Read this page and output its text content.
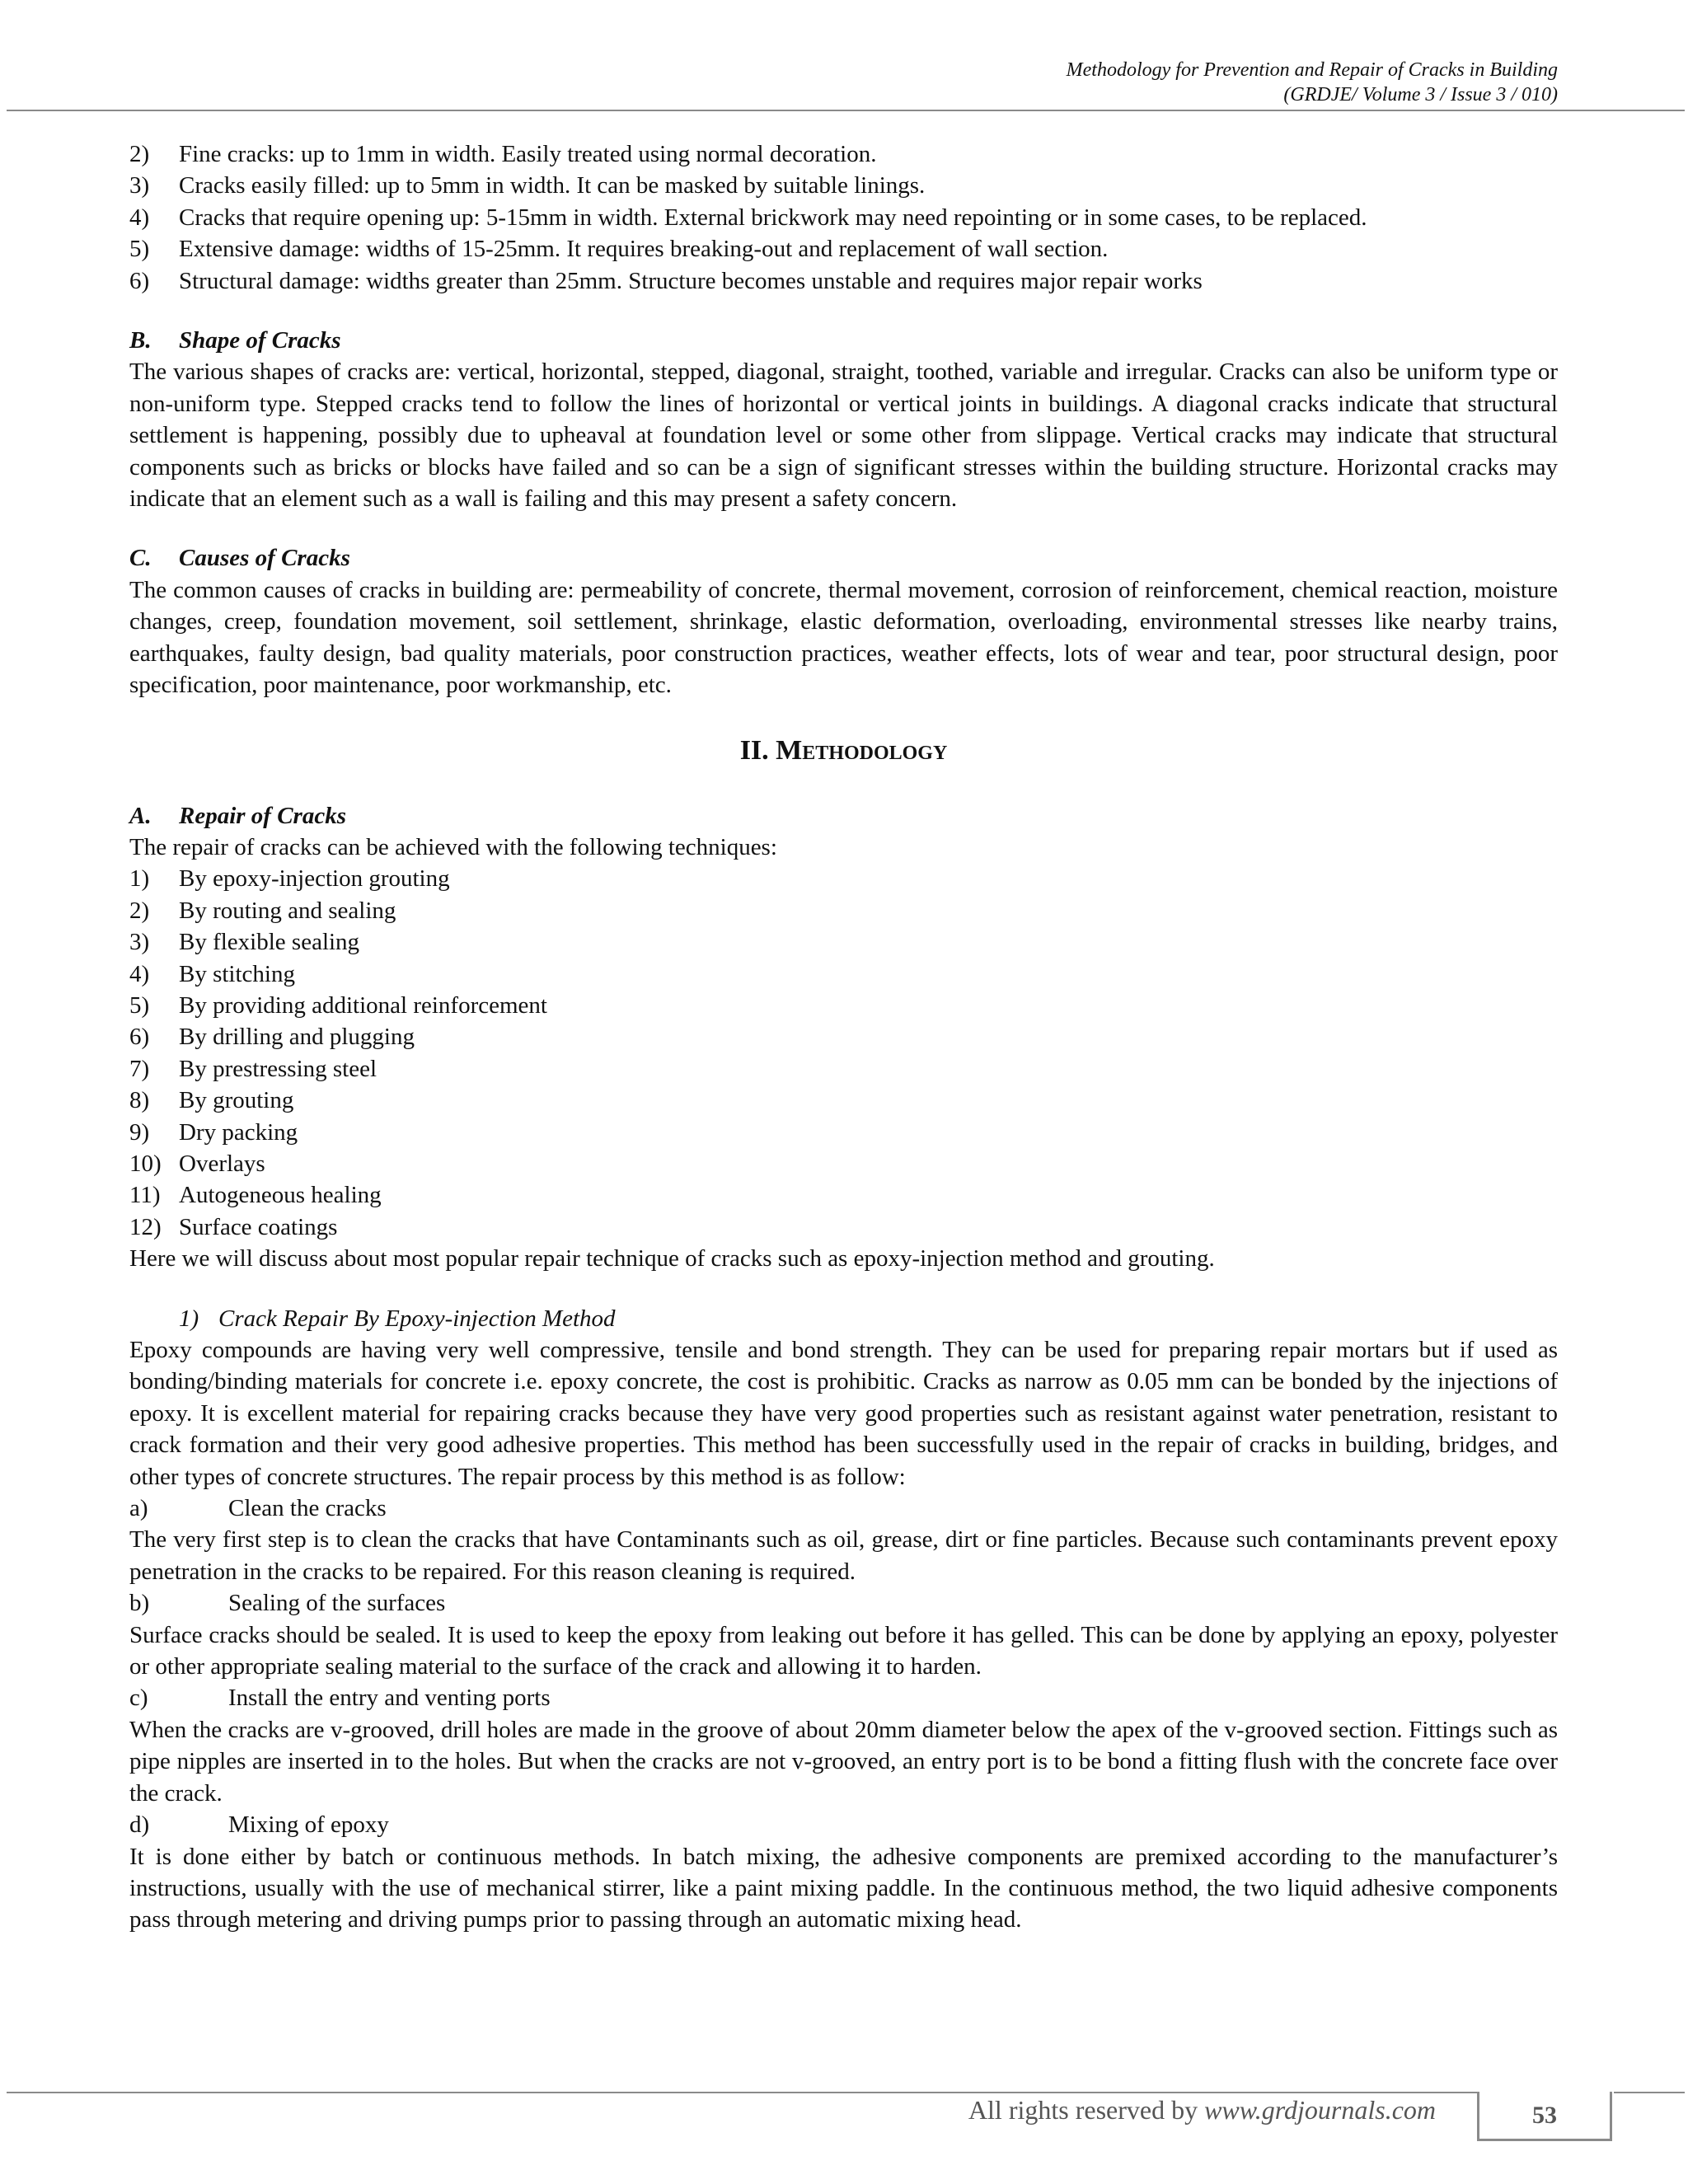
Methodology for Prevention and Repair of Cracks in Building
(GRDJE/ Volume 3 / Issue 3 / 010)
2)	Fine cracks: up to 1mm in width. Easily treated using normal decoration.
3)	Cracks easily filled: up to 5mm in width. It can be masked by suitable linings.
4)	Cracks that require opening up: 5-15mm in width. External brickwork may need repointing or in some cases, to be replaced.
5)	Extensive damage: widths of 15-25mm. It requires breaking-out and replacement of wall section.
6)	Structural damage: widths greater than 25mm. Structure becomes unstable and requires major repair works
B. Shape of Cracks

The various shapes of cracks are: vertical, horizontal, stepped, diagonal, straight, toothed, variable and irregular. Cracks can also be uniform type or non-uniform type. Stepped cracks tend to follow the lines of horizontal or vertical joints in buildings. A diagonal cracks indicate that structural settlement is happening, possibly due to upheaval at foundation level or some other from slippage. Vertical cracks may indicate that structural components such as bricks or blocks have failed and so can be a sign of significant stresses within the building structure. Horizontal cracks may indicate that an element such as a wall is failing and this may present a safety concern.

C. Causes of Cracks

The common causes of cracks in building are: permeability of concrete, thermal movement, corrosion of reinforcement, chemical reaction, moisture changes, creep, foundation movement, soil settlement, shrinkage, elastic deformation, overloading, environmental stresses like nearby trains, earthquakes, faulty design, bad quality materials, poor construction practices, weather effects, lots of wear and tear, poor structural design, poor specification, poor maintenance, poor workmanship, etc.

II. Methodology
A. Repair of Cracks

The repair of cracks can be achieved with the following techniques:

1)	By epoxy-injection grouting
2)	By routing and sealing
3)	By flexible sealing
4)	By stitching
5)	By providing additional reinforcement
6)	By drilling and plugging
7)	By prestressing steel
8)	By grouting
9)	Dry packing
10) Overlays
11) Autogeneous healing
12) Surface coatings

Here we will discuss about most popular repair technique of cracks such as epoxy-injection method and grouting.

1) Crack Repair By Epoxy-injection Method

Epoxy compounds are having very well compressive, tensile and bond strength. They can be used for preparing repair mortars but if used as bonding/binding materials for concrete i.e. epoxy concrete, the cost is prohibitic. Cracks as narrow as 0.05 mm can be bonded by the injections of epoxy. It is excellent material for repairing cracks because they have very good properties such as resistant against water penetration, resistant to crack formation and their very good adhesive properties. This method has been successfully used in the repair of cracks in building, bridges, and other types of concrete structures. The repair process by this method is as follow:

a)	Clean the cracks

The very first step is to clean the cracks that have Contaminants such as oil, grease, dirt or fine particles. Because such contaminants prevent epoxy penetration in the cracks to be repaired. For this reason cleaning is required.

b)	Sealing of the surfaces

Surface cracks should be sealed. It is used to keep the epoxy from leaking out before it has gelled. This can be done by applying an epoxy, polyester or other appropriate sealing material to the surface of the crack and allowing it to harden.

c)	Install the entry and venting ports

When the cracks are v-grooved, drill holes are made in the groove of about 20mm diameter below the apex of the v-grooved section. Fittings such as pipe nipples are inserted in to the holes. But when the cracks are not v-grooved, an entry port is to be bond a fitting flush with the concrete face over the crack.

d)	Mixing of epoxy

It is done either by batch or continuous methods. In batch mixing, the adhesive components are premixed according to the manufacturer’s instructions, usually with the use of mechanical stirrer, like a paint mixing paddle. In the continuous method, the two liquid adhesive components pass through metering and driving pumps prior to passing through an automatic mixing head.

All rights reserved by www.grdjournals.com	53
